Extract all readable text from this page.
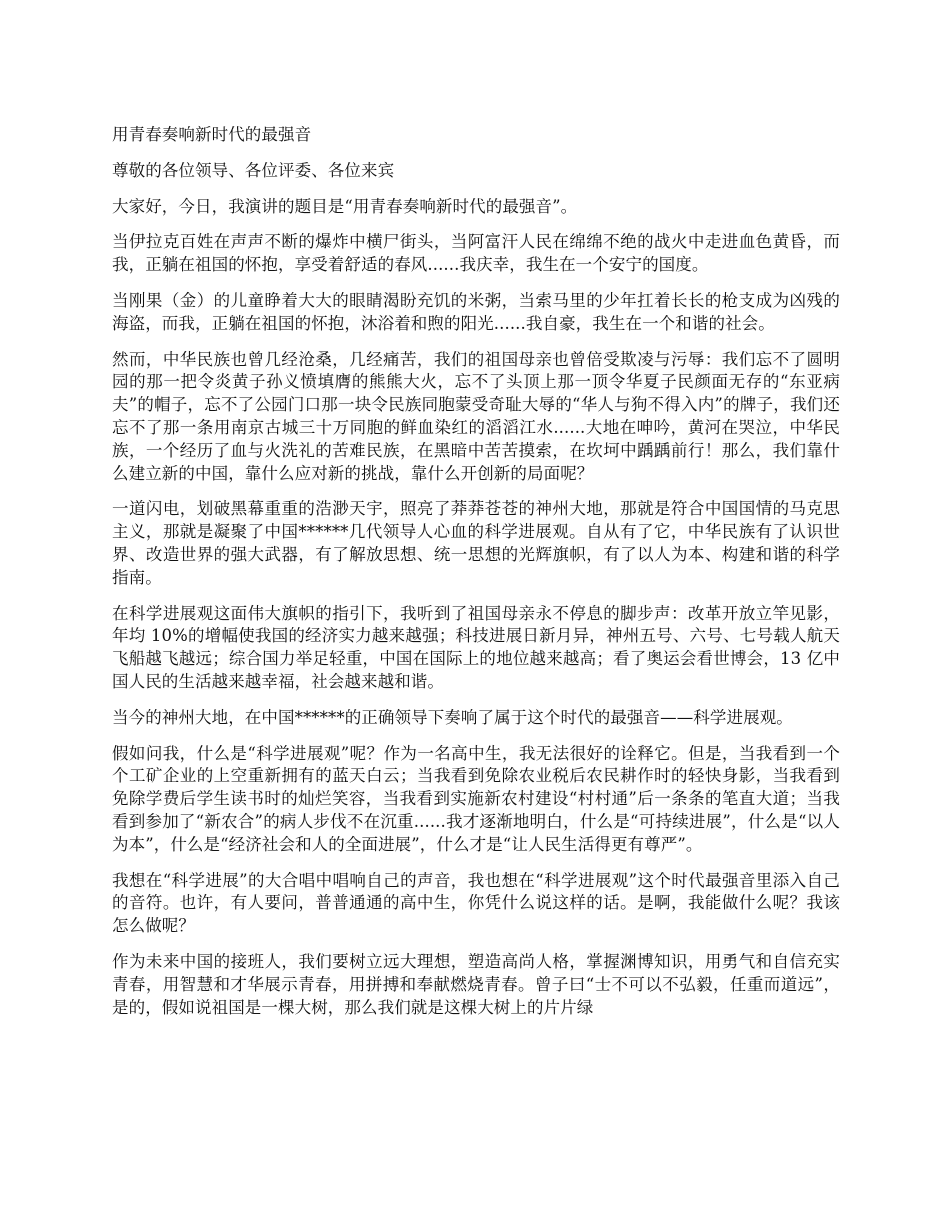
用青春奏响新时代的最强音

尊敬的各位领导、各位评委、各位来宾

大家好，今日，我演讲的题目是“用青春奏响新时代的最强音”。

当伊拉克百姓在声声不断的爆炸中横尸街头，当阿富汗人民在绵绵不绝的战火中走进血色黄昏，而我，正躺在祖国的怀抱，享受着舒适的春风......我庆幸，我生在一个安宁的国度。

当刚果（金）的儿童睁着大大的眼睛渴盼充饥的米粥，当索马里的少年扛着长长的枪支成为凶残的海盗，而我，正躺在祖国的怀抱，沐浴着和煦的阳光......我自豪，我生在一个和谐的社会。

然而，中华民族也曾几经沧桑，几经痛苦，我们的祖国母亲也曾倍受欺凌与污辱：我们忘不了圆明园的那一把令炎黄子孙义愤填膺的熊熊大火，忘不了头顶上那一顶令华夏子民颜面无存的“东亚病夫”的帽子，忘不了公园门口那一块令民族同胞蒙受奇耻大辱的“华人与狗不得入内”的牌子，我们还忘不了那一条用南京古城三十万同胞的鲜血染红的滔滔江水......大地在呻吟，黄河在哭泣，中华民族，一个经历了血与火洗礼的苦难民族，在黑暗中苦苦摸索，在坎坷中踽踽前行！那么，我们靠什么建立新的中国，靠什么应对新的挑战，靠什么开创新的局面呢？

一道闪电，划破黑幕重重的浩渺天宇，照亮了莽莽苍苍的神州大地，那就是符合中国国情的马克思主义，那就是凝聚了中国******几代领导人心血的科学进展观。自从有了它，中华民族有了认识世界、改造世界的强大武器，有了解放思想、统一思想的光辉旗帜，有了以人为本、构建和谐的科学指南。

在科学进展观这面伟大旗帜的指引下，我听到了祖国母亲永不停息的脚步声：改革开放立竿见影，年均 10%的增幅使我国的经济实力越来越强；科技进展日新月异，神州五号、六号、七号载人航天飞船越飞越远；综合国力举足轻重，中国在国际上的地位越来越高；看了奥运会看世博会，13 亿中国人民的生活越来越幸福，社会越来越和谐。

当今的神州大地，在中国******的正确领导下奏响了属于这个时代的最强音——科学进展观。

假如问我，什么是“科学进展观”呢？作为一名高中生，我无法很好的诠释它。但是，当我看到一个个工矿企业的上空重新拥有的蓝天白云；当我看到免除农业税后农民耕作时的轻快身影，当我看到免除学费后学生读书时的灿烂笑容，当我看到实施新农村建设“村村通”后一条条的笔直大道；当我看到参加了“新农合”的病人步伐不在沉重......我才逐渐地明白，什么是“可持续进展”，什么是“以人为本”，什么是“经济社会和人的全面进展”，什么才是“让人民生活得更有尊严”。

我想在“科学进展”的大合唱中唱响自己的声音，我也想在“科学进展观”这个时代最强音里添入自己的音符。也许，有人要问，普普通通的高中生，你凭什么说这样的话。是啊，我能做什么呢？我该怎么做呢？

作为未来中国的接班人，我们要树立远大理想，塑造高尚人格，掌握渊博知识，用勇气和自信充实青春，用智慧和才华展示青春，用拼搏和奉献燃烧青春。曾子曰“士不可以不弘毅，任重而道远”，是的，假如说祖国是一棵大树，那么我们就是这棵大树上的片片绿
